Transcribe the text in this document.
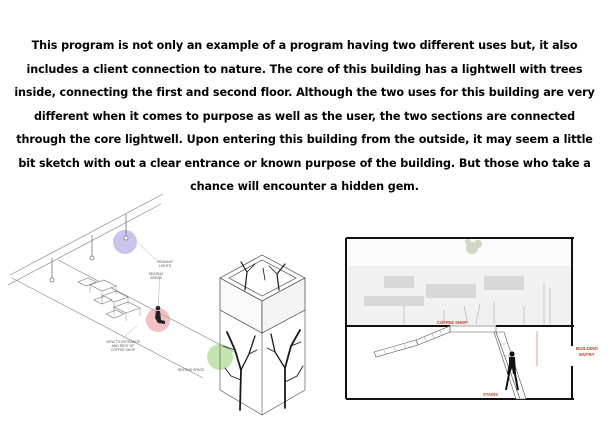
This program is not only an example of a program having two different uses but, it also includes a client connection to nature. The core of this building has a lightwell with trees inside, connecting the first and second floor. Although the two uses for this building are very different when it comes to purpose as well as the user, the two sections are connected through the core lightwell. Upon entering this building from the outside, it may seem a little bit sketch with out a clear entrance or known purpose of the building. But those who take a chance will encounter a hidden gem.

PENDANT LIGHTS
SEATING AREAS
VIEW TO ENTRANCE AND REST OF COFFEE SHOP
SEATING SPACE
COFFEE SHOP
STAIRS
BUILDING ENTRY
